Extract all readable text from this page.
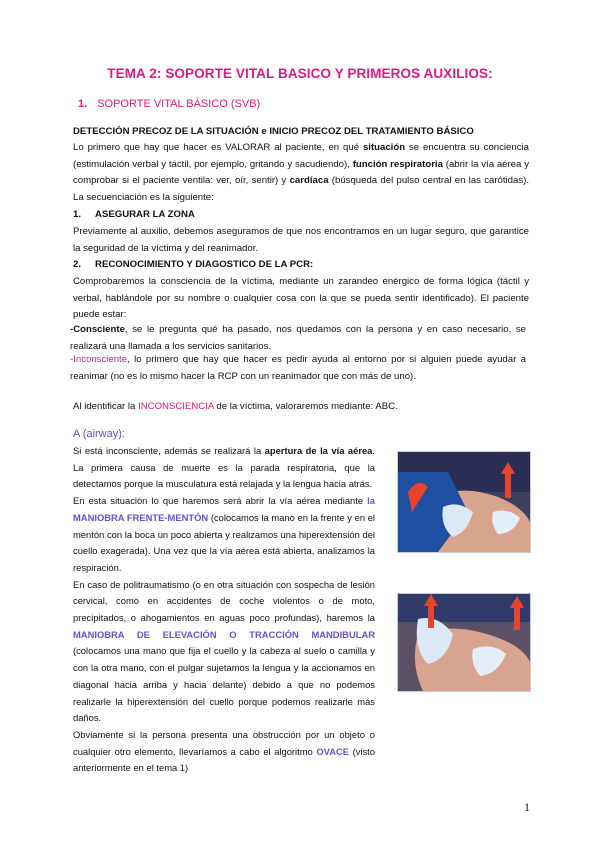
TEMA 2: SOPORTE VITAL BASICO Y PRIMEROS AUXILIOS:
1. SOPORTE VITAL BÁSICO (SVB)
DETECCIÓN PRECOZ DE LA SITUACIÓN e INICIO PRECOZ DEL TRATAMIENTO BÁSICO
Lo primero que hay que hacer es VALORAR al paciente, en qué situación se encuentra su conciencia (estimulación verbal y táctil, por ejemplo, gritando y sacudiendo), función respiratoria (abrir la vía aérea y comprobar si el paciente ventila: ver, oír, sentir) y cardíaca (búsqueda del pulso central en las carótidas). La secuenciación es la siguiente:
1. ASEGURAR LA ZONA
Previamente al auxilio, debemos aseguramos de que nos encontramos en un lugar seguro, que garantice la seguridad de la víctima y del reanimador.
2. RECONOCIMIENTO Y DIAGOSTICO DE LA PCR:
Comprobaremos la consciencia de la víctima, mediante un zarandeo enérgico de forma lógica (táctil y verbal, hablándole por su nombre o cualquier cosa con la que se pueda sentir identificado). El paciente puede estar:
-Consciente, se le pregunta qué ha pasado, nos quedamos con la persona y en caso necesario, se realizará una llamada a los servicios sanitarios.
-Inconsciente, lo primero que hay que hacer es pedir ayuda al entorno por si alguien puede ayudar a reanimar (no es lo mismo hacer la RCP con un reanimador que con más de uno).
Al identificar la INCONSCIENCIA de la víctima, valoraremos mediante: ABC.
A (airway):
Si está inconsciente, además se realizará la apertura de la vía aérea. La primera causa de muerte es la parada respiratoria, que la detectamos porque la musculatura está relajada y la lengua hacia atrás.
En esta situación lo que haremos será abrir la vía aérea mediante la MANIOBRA FRENTE-MENTÓN (colocamos la mano en la frente y en el mentón con la boca un poco abierta y realizamos una hiperextensión del cuello exagerada). Una vez que la vía aérea está abierta, analizamos la respiración.
En caso de politraumatismo (o en otra situación con sospecha de lesión cervical, como en accidentes de coche violentos o de moto, precipitados, o ahogamientos en aguas poco profundas), haremos la MANIOBRA DE ELEVACIÓN O TRACCIÓN MANDIBULAR (colocamos una mano que fija el cuello y la cabeza al suelo o camilla y con la otra mano, con el pulgar sujetamos la lengua y la accionamos en diagonal hacia arriba y hacia delante) debido a que no podemos realizarle la hiperextensión del cuello porque podemos realizarle más daños.
Obviamente si la persona presenta una obstrucción por un objeto o cualquier otro elemento, llevaríamos a cabo el algoritmo OVACE (visto anteriormente en el tema 1)
1
